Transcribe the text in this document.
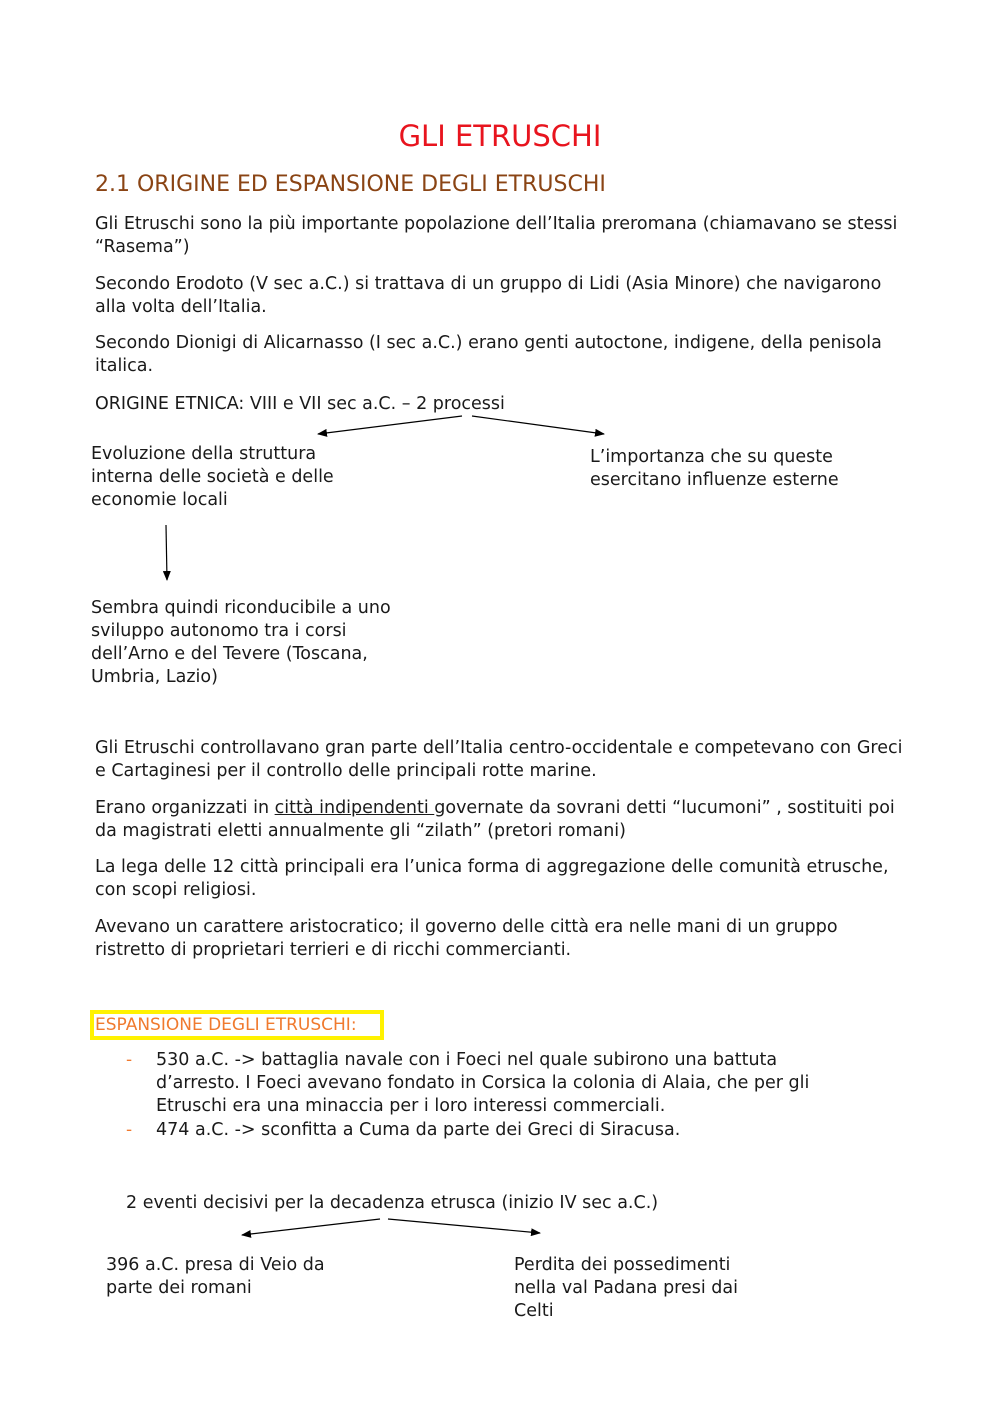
GLI ETRUSCHI
2.1 ORIGINE ED ESPANSIONE DEGLI ETRUSCHI
Gli Etruschi sono la più importante popolazione dell’Italia preromana (chiamavano se stessi “Rasema”)
Secondo Erodoto (V sec a.C.) si trattava di un gruppo di Lidi (Asia Minore) che navigarono alla volta dell’Italia.
Secondo Dionigi di Alicarnasso (I sec a.C.) erano genti autoctone, indigene, della penisola italica.
ORIGINE ETNICA: VIII e VII sec a.C. – 2 processi
Evoluzione della struttura interna delle società e delle economie locali
L’importanza che su queste esercitano influenze esterne
Sembra quindi riconducibile a uno sviluppo autonomo tra i corsi dell’Arno e del Tevere (Toscana, Umbria, Lazio)
Gli Etruschi controllavano gran parte dell’Italia centro-occidentale e competevano con Greci e Cartaginesi per il controllo delle principali rotte marine.
Erano organizzati in città indipendenti governate da sovrani detti “lucumoni” , sostituiti poi da magistrati eletti annualmente gli “zilath” (pretori romani)
La lega delle 12 città principali era l’unica forma di aggregazione delle comunità etrusche, con scopi religiosi.
Avevano un carattere aristocratico; il governo delle città era nelle mani di un gruppo ristretto di proprietari terrieri e di ricchi commercianti.
ESPANSIONE DEGLI ETRUSCHI:
- 530 a.C. -> battaglia navale con i Foeci nel quale subirono una battuta d’arresto. I Foeci avevano fondato in Corsica la colonia di Alaia, che per gli Etruschi era una minaccia per i loro interessi commerciali.
- 474 a.C. -> sconfitta a Cuma da parte dei Greci di Siracusa.
2 eventi decisivi per la decadenza etrusca (inizio IV sec a.C.)
396 a.C. presa di Veio da parte dei romani
Perdita dei possedimenti nella val Padana presi dai Celti
